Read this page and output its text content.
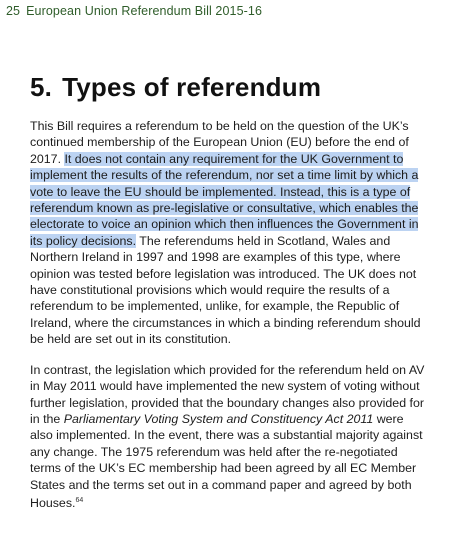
25 European Union Referendum Bill 2015-16
5. Types of referendum

This Bill requires a referendum to be held on the question of the UK’s continued membership of the European Union (EU) before the end of 2017. It does not contain any requirement for the UK Government to implement the results of the referendum, nor set a time limit by which a vote to leave the EU should be implemented. Instead, this is a type of referendum known as pre-legislative or consultative, which enables the electorate to voice an opinion which then influences the Government in its policy decisions. The referendums held in Scotland, Wales and Northern Ireland in 1997 and 1998 are examples of this type, where opinion was tested before legislation was introduced. The UK does not have constitutional provisions which would require the results of a referendum to be implemented, unlike, for example, the Republic of Ireland, where the circumstances in which a binding referendum should be held are set out in its constitution.

In contrast, the legislation which provided for the referendum held on AV in May 2011 would have implemented the new system of voting without further legislation, provided that the boundary changes also provided for in the Parliamentary Voting System and Constituency Act 2011 were also implemented. In the event, there was a substantial majority against any change. The 1975 referendum was held after the re-negotiated terms of the UK’s EC membership had been agreed by all EC Member States and the terms set out in a command paper and agreed by both Houses.$^{64}$
